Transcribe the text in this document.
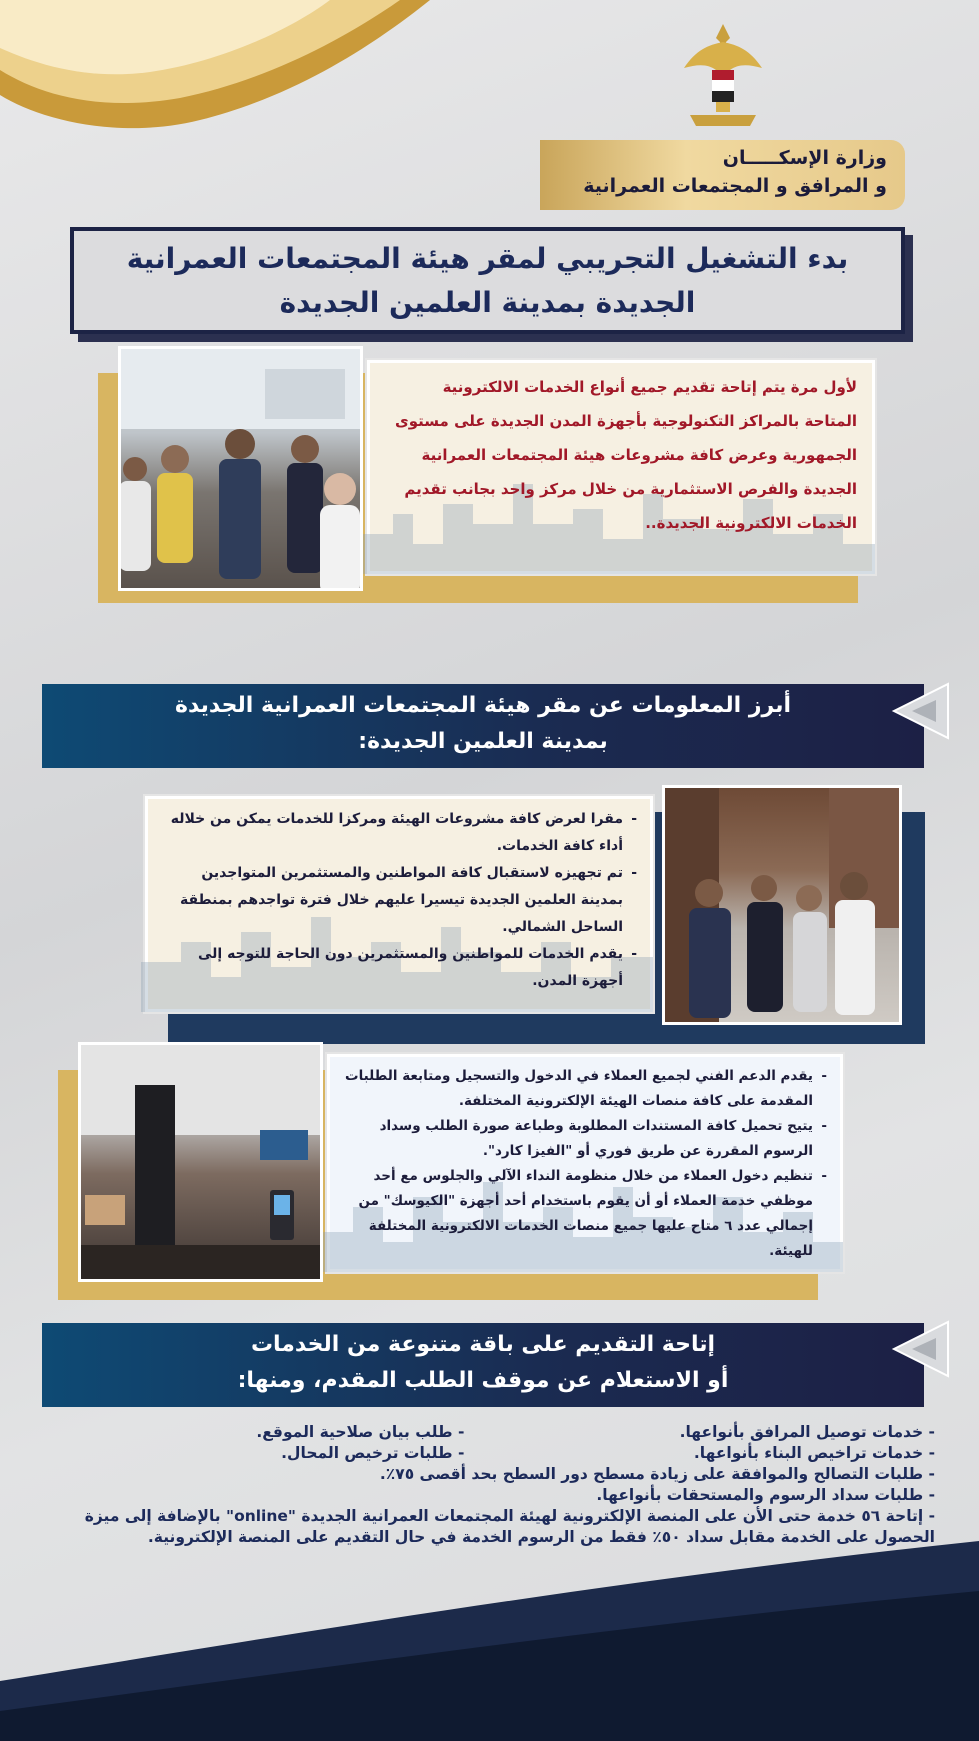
وزارة الإسكـــــان
و المرافق و المجتمعات العمرانية
بدء التشغيل التجريبي لمقر هيئة المجتمعات العمرانية
الجديدة بمدينة العلمين الجديدة
لأول مرة يتم إتاحة تقديم جميع أنواع الخدمات الالكترونية المتاحة بالمراكز التكنولوجية بأجهزة المدن الجديدة على مستوى الجمهورية وعرض كافة مشروعات هيئة المجتمعات العمرانية الجديدة والفرص الاستثمارية من خلال مركز واحد بجانب تقديم الخدمات الالكترونية الجديدة..
أبرز المعلومات عن مقر هيئة المجتمعات العمرانية الجديدة
بمدينة العلمين الجديدة:
- مقرا لعرض كافة مشروعات الهيئة ومركزا للخدمات يمكن من خلاله أداء كافة الخدمات.
- تم تجهيزه لاستقبال كافة المواطنين والمستثمرين المتواجدين بمدينة العلمين الجديدة تيسيرا عليهم خلال فترة تواجدهم بمنطقة الساحل الشمالي.
- يقدم الخدمات للمواطنين والمستثمرين دون الحاجة للتوجه إلى أجهزة المدن.
- يقدم الدعم الفني لجميع العملاء في الدخول والتسجيل ومتابعة الطلبات المقدمة على كافة منصات الهيئة الإلكترونية المختلفة.
- يتيح تحميل كافة المستندات المطلوبة وطباعة صورة الطلب وسداد الرسوم المقررة عن طريق فوري أو "الفيزا كارد".
- تنظيم دخول العملاء من خلال منظومة النداء الآلي والجلوس مع أحد موظفي خدمة العملاء أو أن يقوم باستخدام أحد أجهزة "الكيوسك" من إجمالي عدد ٦ متاح عليها جميع منصات الخدمات الالكترونية المختلفة للهيئة.
إتاحة التقديم على باقة متنوعة من الخدمات
أو الاستعلام عن موقف الطلب المقدم، ومنها:
- خدمات توصيل المرافق بأنواعها.
- طلب بيان صلاحية الموقع.
- خدمات تراخيص البناء بأنواعها.
- طلبات ترخيص المحال.
- طلبات التصالح والموافقة على زيادة مسطح دور السطح بحد أقصى ٧٥٪.
- طلبات سداد الرسوم والمستحقات بأنواعها.
- إتاحة ٥٦ خدمة حتى الأن على المنصة الإلكترونية لهيئة المجتمعات العمرانية الجديدة "online" بالإضافة إلى ميزة الحصول على الخدمة مقابل سداد ٥٠٪ فقط من الرسوم الخدمة في حال التقديم على المنصة الإلكترونية.
